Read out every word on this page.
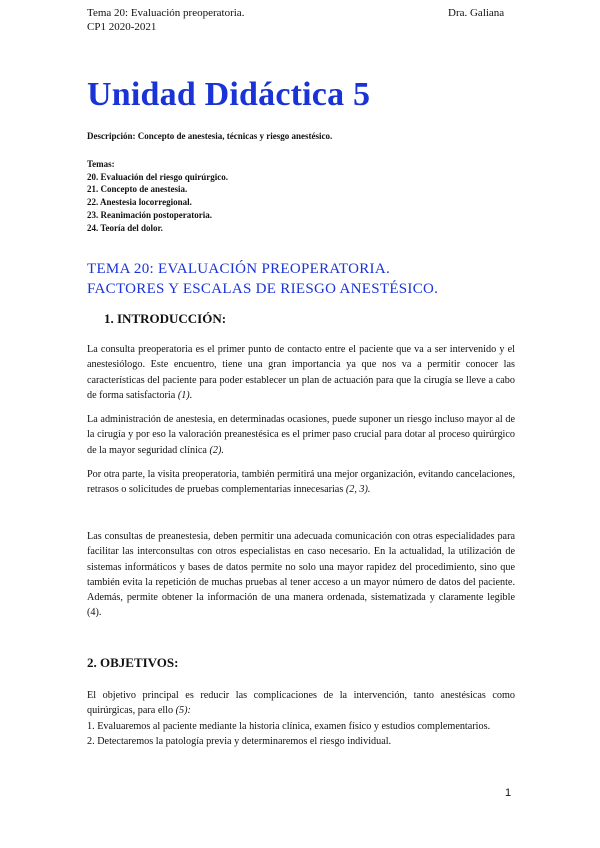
Tema 20: Evaluación preoperatoria.
CP1 2020-2021
Dra. Galiana
Unidad Didáctica 5
Descripción: Concepto de anestesia, técnicas y riesgo anestésico.
Temas:
20. Evaluación del riesgo quirúrgico.
21. Concepto de anestesia.
22. Anestesia locorregional.
23. Reanimación postoperatoria.
24. Teoría del dolor.
TEMA 20: EVALUACIÓN PREOPERATORIA.
FACTORES Y ESCALAS DE RIESGO ANESTÉSICO.
1. INTRODUCCIÓN:
La consulta preoperatoria es el primer punto de contacto entre el paciente que va a ser intervenido y el anestesiólogo. Este encuentro, tiene una gran importancia ya que nos va a permitir conocer las características del paciente para poder establecer un plan de actuación para que la cirugía se lleve a cabo de forma satisfactoria (1).
La administración de anestesia, en determinadas ocasiones, puede suponer un riesgo incluso mayor al de la cirugía y por eso la valoración preanestésica es el primer paso crucial para dotar al proceso quirúrgico de la mayor seguridad clínica (2).
Por otra parte, la visita preoperatoria, también permitirá una mejor organización, evitando cancelaciones, retrasos o solicitudes de pruebas complementarias innecesarias (2, 3).
Las consultas de preanestesia, deben permitir una adecuada comunicación con otras especialidades para facilitar las interconsultas con otros especialistas en caso necesario. En la actualidad, la utilización de sistemas informáticos y bases de datos permite no solo una mayor rapidez del procedimiento, sino que también evita la repetición de muchas pruebas al tener acceso a un mayor número de datos del paciente. Además, permite obtener la información de una manera ordenada, sistematizada y claramente legible (4).
2. OBJETIVOS:
El objetivo principal es reducir las complicaciones de la intervención, tanto anestésicas como quirúrgicas, para ello (5):
1. Evaluaremos al paciente mediante la historia clínica, examen físico y estudios complementarios.
2. Detectaremos la patología previa y determinaremos el riesgo individual.
1
